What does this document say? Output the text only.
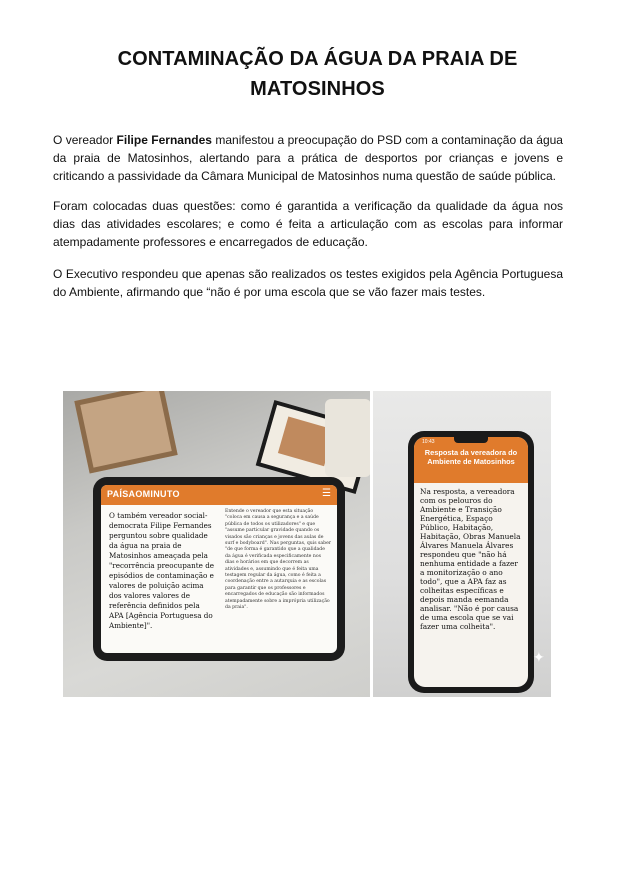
CONTAMINAÇÃO DA ÁGUA DA PRAIA DE MATOSINHOS

O vereador Filipe Fernandes manifestou a preocupação do PSD com a contaminação da água da praia de Matosinhos, alertando para a prática de desportos por crianças e jovens e criticando a passividade da Câmara Municipal de Matosinhos numa questão de saúde pública.

Foram colocadas duas questões: como é garantida a verificação da qualidade da água nos dias das atividades escolares; e como é feita a articulação com as escolas para informar atempadamente professores e encarregados de educação.

O Executivo respondeu que apenas são realizados os testes exigidos pela Agência Portuguesa do Ambiente, afirmando que “não é por uma escola que se vão fazer mais testes.

PAÍSAOMINUTO	☰
O também vereador social-democrata Filipe Fernandes perguntou sobre qualidade da água na praia de Matosinhos ameaçada pela "recorrência preocupante de episódios de contaminação e valores de poluição acima dos valores valores de referência definidos pela APA [Agência Portuguesa do Ambiente]".
Entende o vereador que esta situação "coloca em causa a segurança e a saúde pública de todos os utilizadores" e que "assume particular gravidade quando os visados são crianças e jovens das aulas de surf e bodyboard". Nas perguntas, quis saber "de que forma é garantido que a qualidade da água é verificada especificamente nos dias e horários em que decorrem as atividades e, assumindo que é feita uma testagem regular da água, como é feita a coordenação entre a autarquia e as escolas para garantir que os professores e encarregados de educação são informados atempadamente sobre a imprópria utilização da praia".
10:43
Resposta da vereadora do Ambiente de Matosinhos
Na resposta, a vereadora com os pelouros do Ambiente e Transição Energética, Espaço Público, Habitação, Habitação, Obras Manuela Álvares Manuela Álvares respondeu que "não há nenhuma entidade a fazer a monitorização o ano todo", que a APA faz as colheitas específicas e depois manda eemanda analisar. "Não é por causa de uma escola que se vai fazer uma colheita".
✦
